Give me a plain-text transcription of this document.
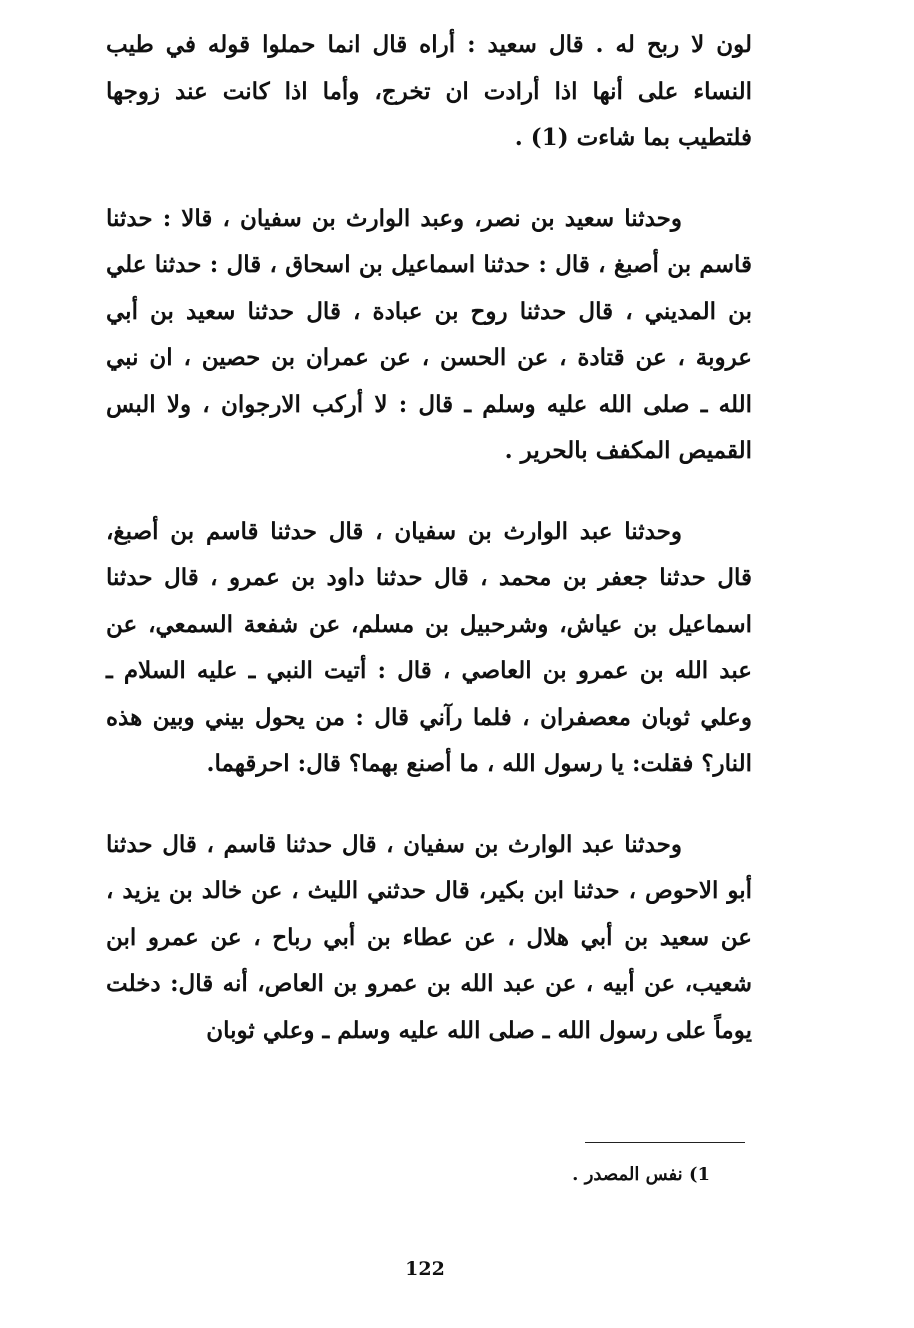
لون لا ربح له . قال سعيد : أراه قال انما حملوا قوله في طيب النساء على أنها اذا أرادت ان تخرج، وأما اذا كانت عند زوجها فلتطيب بما شاءت (1) .

وحدثنا سعيد بن نصر، وعبد الوارث بن سفيان ، قالا : حدثنا قاسم بن أصبغ ، قال : حدثنا اسماعيل بن اسحاق ، قال : حدثنا علي بن المديني ، قال حدثنا روح بن عبادة ، قال حدثنا سعيد بن أبي عروبة ، عن قتادة ، عن الحسن ، عن عمران بن حصين ، ان نبي الله ـ صلى الله عليه وسلم ـ قال : لا أركب الارجوان ، ولا البس القميص المكفف بالحرير .

وحدثنا عبد الوارث بن سفيان ، قال حدثنا قاسم بن أصبغ، قال حدثنا جعفر بن محمد ، قال حدثنا داود بن عمرو ، قال حدثنا اسماعيل بن عياش، وشرحبيل بن مسلم، عن شفعة السمعي، عن عبد الله بن عمرو بن العاصي ، قال : أتيت النبي ـ عليه السلام ـ وعلي ثوبان معصفران ، فلما رآني قال : من يحول بيني وبين هذه النار؟ فقلت: يا رسول الله ، ما أصنع بهما؟ قال: احرقهما.

وحدثنا عبد الوارث بن سفيان ، قال حدثنا قاسم ، قال حدثنا أبو الاحوص ، حدثنا ابن بكير، قال حدثني الليث ، عن خالد بن يزيد ، عن سعيد بن أبي هلال ، عن عطاء بن أبي رباح ، عن عمرو ابن شعيب، عن أبيه ، عن عبد الله بن عمرو بن العاص، أنه قال: دخلت يوماً على رسول الله ـ صلى الله عليه وسلم ـ وعلي ثوبان

1) نفس المصدر .
122
